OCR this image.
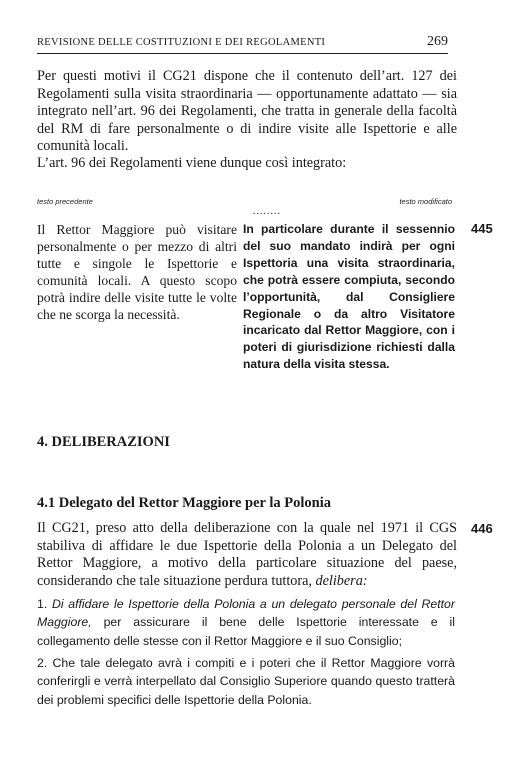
REVISIONE DELLE COSTITUZIONI E DEI REGOLAMENTI	269
Per questi motivi il CG21 dispone che il contenuto dell’art. 127 dei Regolamenti sulla visita straordinaria — opportunamente adattato — sia integrato nell’art. 96 dei Regolamenti, che tratta in generale della facoltà del RM di fare personalmente o di indire visite alle Ispettorie e alle comunità locali.
L’art. 96 dei Regolamenti viene dunque così integrato:
testo precedente	testo modificato
........
Il Rettor Maggiore può visitare personalmente o per mezzo di altri tutte e singole le Ispettorie e comunità locali. A questo scopo potrà indire delle visite tutte le volte che ne scorga la necessità.
In particolare durante il sessennio del suo mandato indirà per ogni Ispettoria una visita straordinaria, che potrà essere compiuta, secondo l’opportunità, dal Consigliere Regionale o da altro Visitatore incaricato dal Rettor Maggiore, con i poteri di giurisdizione richiesti dalla natura della visita stessa.
445
4. DELIBERAZIONI
4.1 Delegato del Rettor Maggiore per la Polonia
Il CG21, preso atto della deliberazione con la quale nel 1971 il CGS stabiliva di affidare le due Ispettorie della Polonia a un Delegato del Rettor Maggiore, a motivo della particolare situazione del paese, considerando che tale situazione perdura tuttora, delibera:
446
1. Di affidare le Ispettorie della Polonia a un delegato personale del Rettor Maggiore, per assicurare il bene delle Ispettorie interessate e il collegamento delle stesse con il Rettor Maggiore e il suo Consiglio;
2. Che tale delegato avrà i compiti e i poteri che il Rettor Maggiore vorrà conferirgli e verrà interpellato dal Consiglio Superiore quando questo tratterà dei problemi specifici delle Ispettorie della Polonia.
